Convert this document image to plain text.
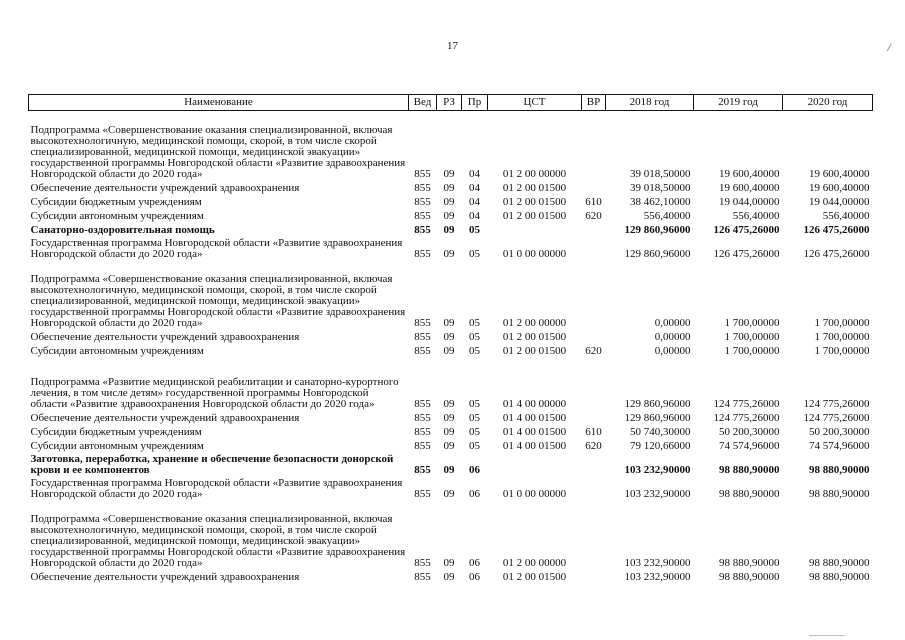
17
Наименование	Вед	РЗ	Пр	ЦСТ	ВР	2018 год	2019 год	2020 год
Подпрограмма «Совершенствование оказания специализированной, включая высокотехнологичную, медицинской помощи, скорой, в том числе скорой специализированной, медицинской помощи, медицинской эвакуации» государственной программы Новгородской области «Развитие здравоохранения Новгородской области до 2020 года»	855	09	04	01 2 00 00000		39 018,50000	19 600,40000	19 600,40000
Обеспечение деятельности учреждений здравоохранения	855	09	04	01 2 00 01500		39 018,50000	19 600,40000	19 600,40000
Субсидии бюджетным учреждениям	855	09	04	01 2 00 01500	610	38 462,10000	19 044,00000	19 044,00000
Субсидии автономным учреждениям	855	09	04	01 2 00 01500	620	556,40000	556,40000	556,40000
Санаторно-оздоровительная помощь	855	09	05			129 860,96000	126 475,26000	126 475,26000
Государственная программа Новгородской области «Развитие здравоохранения Новгородской области до 2020 года»	855	09	05	01 0 00 00000		129 860,96000	126 475,26000	126 475,26000
Подпрограмма «Совершенствование оказания специализированной, включая высокотехнологичную, медицинской помощи, скорой, в том числе скорой специализированной, медицинской помощи, медицинской эвакуации» государственной программы Новгородской области «Развитие здравоохранения Новгородской области до 2020 года»	855	09	05	01 2 00 00000		0,00000	1 700,00000	1 700,00000
Обеспечение деятельности учреждений здравоохранения	855	09	05	01 2 00 01500		0,00000	1 700,00000	1 700,00000
Субсидии автономным учреждениям	855	09	05	01 2 00 01500	620	0,00000	1 700,00000	1 700,00000
Подпрограмма «Развитие медицинской реабилитации и санаторно-курортного лечения, в том числе детям» государственной программы Новгородской области «Развитие здравоохранения Новгородской области до 2020 года»	855	09	05	01 4 00 00000		129 860,96000	124 775,26000	124 775,26000
Обеспечение деятельности учреждений здравоохранения	855	09	05	01 4 00 01500		129 860,96000	124 775,26000	124 775,26000
Субсидии бюджетным учреждениям	855	09	05	01 4 00 01500	610	50 740,30000	50 200,30000	50 200,30000
Субсидии автономным учреждениям	855	09	05	01 4 00 01500	620	79 120,66000	74 574,96000	74 574,96000
Заготовка, переработка, хранение и обеспечение безопасности донорской крови и ее компонентов	855	09	06			103 232,90000	98 880,90000	98 880,90000
Государственная программа Новгородской области «Развитие здравоохранения Новгородской области до 2020 года»	855	09	06	01 0 00 00000		103 232,90000	98 880,90000	98 880,90000
Подпрограмма «Совершенствование оказания специализированной, включая высокотехнологичную, медицинской помощи, скорой, в том числе скорой специализированной, медицинской помощи, медицинской эвакуации» государственной программы Новгородской области «Развитие здравоохранения Новгородской области до 2020 года»	855	09	06	01 2 00 00000		103 232,90000	98 880,90000	98 880,90000
Обеспечение деятельности учреждений здравоохранения	855	09	06	01 2 00 01500		103 232,90000	98 880,90000	98 880,90000
